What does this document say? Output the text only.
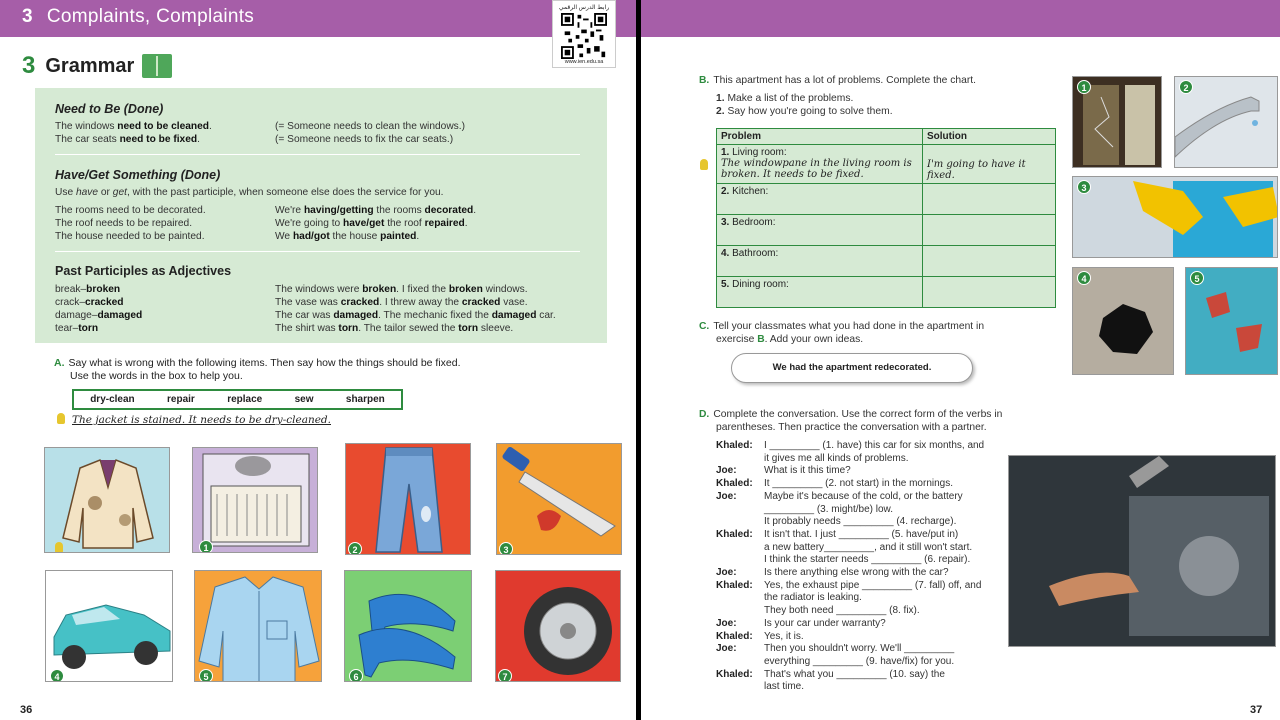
3 Complaints, Complaints	رابط الدرس الرقمي
www.ien.edu.sa
3 Grammar
Need to Be (Done)
The windows need to be cleaned.	(= Someone needs to clean the windows.)
The car seats need to be fixed.	(= Someone needs to fix the car seats.)
Have/Get Something (Done)
Use have or get, with the past participle, when someone else does the service for you.
The rooms need to be decorated.	We're having/getting the rooms decorated.
The roof needs to be repaired.	We're going to have/get the roof repaired.
The house needed to be painted.	We had/got the house painted.
Past Participles as Adjectives
break–broken	The windows were broken. I fixed the broken windows.
crack–cracked	The vase was cracked. I threw away the cracked vase.
damage–damaged	The car was damaged. The mechanic fixed the damaged car.
tear–torn	The shirt was torn. The tailor sewed the torn sleeve.
A. Say what is wrong with the following items. Then say how the things should be fixed.
Use the words in the box to help you.
dry-clean	repair	replace	sew	sharpen
The jacket is stained. It needs to be dry-cleaned.
1	2	3
4	5	6	7
36
B. This apartment has a lot of problems. Complete the chart.
1. Make a list of the problems.
2. Say how you're going to solve them.
Problem	Solution
1. Living room:
The windowpane in the living room is broken. It needs to be fixed.	I'm going to have it fixed.

2. Kitchen:	
3. Bedroom:	
4. Bathroom:	
5. Dining room:	
C. Tell your classmates what you had done in the apartment in
exercise B. Add your own ideas.
We had the apartment redecorated.
D. Complete the conversation. Use the correct form of the verbs in
parentheses. Then practice the conversation with a partner.
Khaled:	I _________ (1. have) this car for six months, and
it gives me all kinds of problems.
Joe:	What is it this time?
Khaled:	It _________ (2. not start) in the mornings.
Joe:	Maybe it's because of the cold, or the battery
_________ (3. might/be) low.
It probably needs _________ (4. recharge).
Khaled:	It isn't that. I just _________ (5. have/put in)
a new battery_________, and it still won't start.
I think the starter needs _________ (6. repair).
Joe:	Is there anything else wrong with the car?
Khaled:	Yes, the exhaust pipe _________ (7. fall) off, and
the radiator is leaking.
They both need _________ (8. fix).
Joe:	Is your car under warranty?
Khaled:	Yes, it is.
Joe:	Then you shouldn't worry. We'll _________
everything _________ (9. have/fix) for you.
Khaled:	That's what you _________ (10. say) the
last time.
1	2
3
4	5
37
